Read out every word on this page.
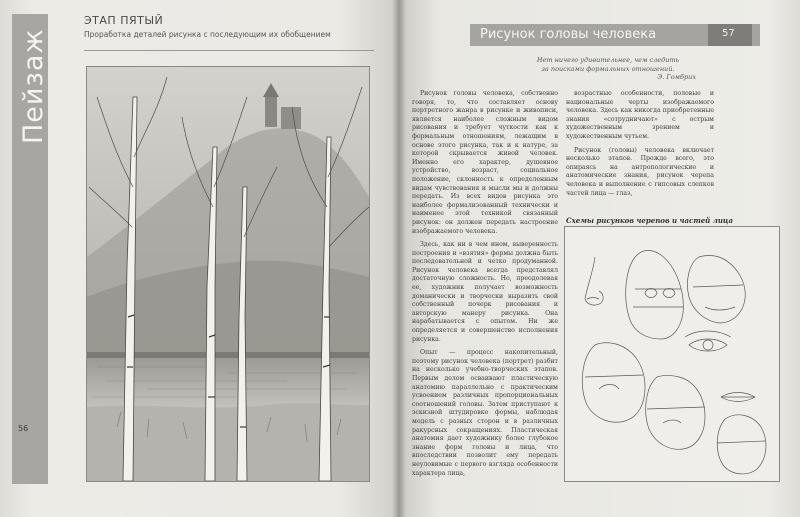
Пейзаж
56
ЭТАП ПЯТЫЙ
Проработка деталей рисунка с последующим их обобщением	Рисунок головы человека	57
Нет ничего удивительнее, чем следить
за поисками формальных отношений.
Э. Гомбрих

Рисунок головы человека, собственно говоря, то, что составляет основу портретного жанра в рисунке и живописи, является наиболее сложным видом рисования и требует чуткости как к формальным отношениям, лежащим в основе этого рисунка, так и к натуре, за которой скрывается живой человек. Именно его характер, душевное устройство, возраст, социальное положение, склонность к определенным видам чувствования и мысли мы и должны передать. Из всех видов рисунка это наиболее формализованный технически и наименее этой техникой связанный рисунок: он должен передать настроение изображаемого человека.

Здесь, как ни в чем ином, выверенность построения и «взятия» формы должна быть последовательной и четко продуманной. Рисунок человека всегда представлял достаточную сложность. Но, преодолевая ее, художник получает возможность доманически и творчески выразить свой собственный почерк рисования и авторскую манеру рисунка. Она нарабатывается с опытом. Ни же определяется и совершенство исполнения рисунка.

Опыт — процесс накопительный, поэтому рисунок человека (портрет) разбит на несколько учебно-творческих этапов. Первым делом осваивают пластическую анатомию параллельно с практическим усвоением различных пропорциональных соотношений головы. Затем приступают к эскизной штудировке формы, наблюдая модель с разных сторон и в различных ракурсных сокращениях. Пластическая анатомия дает художнику более глубокое знание форм головы и лица, что впоследствии позволит ему передать неуловимые с первого взгляда особенности характера лица,

возрастные особенности, половые и национальные черты изображаемого человека. Здесь как никогда приобретенные знания «сотрудничают» с острым художественным зрением и художественным чутьем.

Рисунок (головы) человека включает несколько этапов. Прежде всего, это опираясь на антропологические и анатомические знания, рисунок черепа человека и выполнение с гипсовых слепков частей лица — глаз,

Схемы рисунков черепов и частей лица
